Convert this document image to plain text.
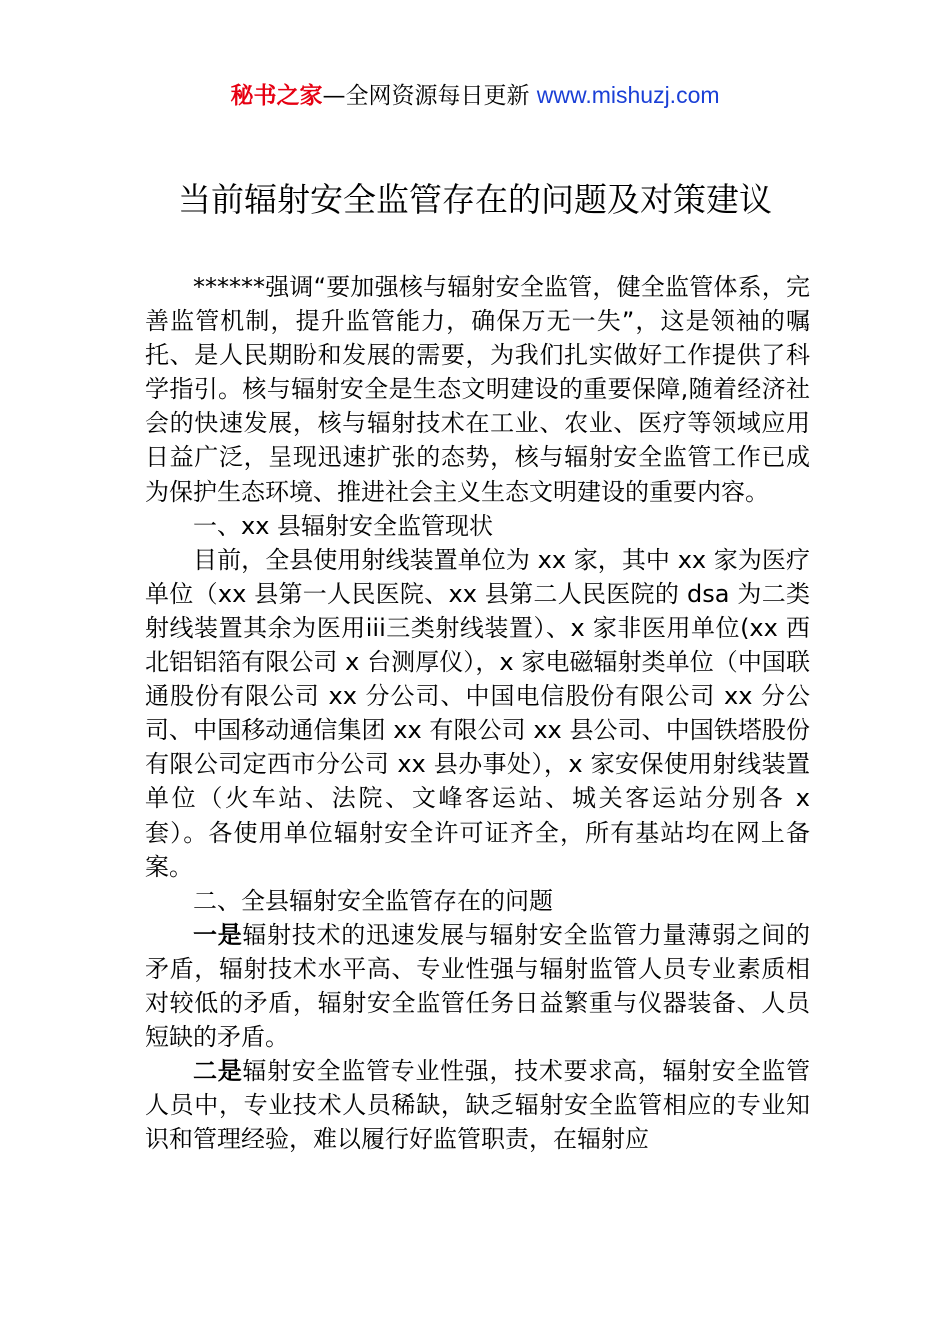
秘书之家—全网资源每日更新 www.mishuzj.com
当前辐射安全监管存在的问题及对策建议

******强调“要加强核与辐射安全监管，健全监管体系，完善监管机制，提升监管能力，确保万无一失”，这是领袖的嘱托、是人民期盼和发展的需要，为我们扎实做好工作提供了科学指引。核与辐射安全是生态文明建设的重要保障,随着经济社会的快速发展，核与辐射技术在工业、农业、医疗等领域应用日益广泛，呈现迅速扩张的态势，核与辐射安全监管工作已成为保护生态环境、推进社会主义生态文明建设的重要内容。

一、xx 县辐射安全监管现状

目前，全县使用射线装置单位为 xx 家，其中 xx 家为医疗单位（xx 县第一人民医院、xx 县第二人民医院的 dsa 为二类射线装置其余为医用iii三类射线装置）、x 家非医用单位(xx 西北铝铝箔有限公司 x 台测厚仪），x 家电磁辐射类单位（中国联通股份有限公司 xx 分公司、中国电信股份有限公司 xx 分公司、中国移动通信集团 xx 有限公司 xx 县公司、中国铁塔股份有限公司定西市分公司 xx 县办事处），x 家安保使用射线装置单位（火车站、法院、文峰客运站、城关客运站分别各 x 套）。各使用单位辐射安全许可证齐全，所有基站均在网上备案。

二、全县辐射安全监管存在的问题

一是辐射技术的迅速发展与辐射安全监管力量薄弱之间的矛盾，辐射技术水平高、专业性强与辐射监管人员专业素质相对较低的矛盾，辐射安全监管任务日益繁重与仪器装备、人员短缺的矛盾。

二是辐射安全监管专业性强，技术要求高，辐射安全监管人员中，专业技术人员稀缺，缺乏辐射安全监管相应的专业知识和管理经验，难以履行好监管职责，在辐射应
